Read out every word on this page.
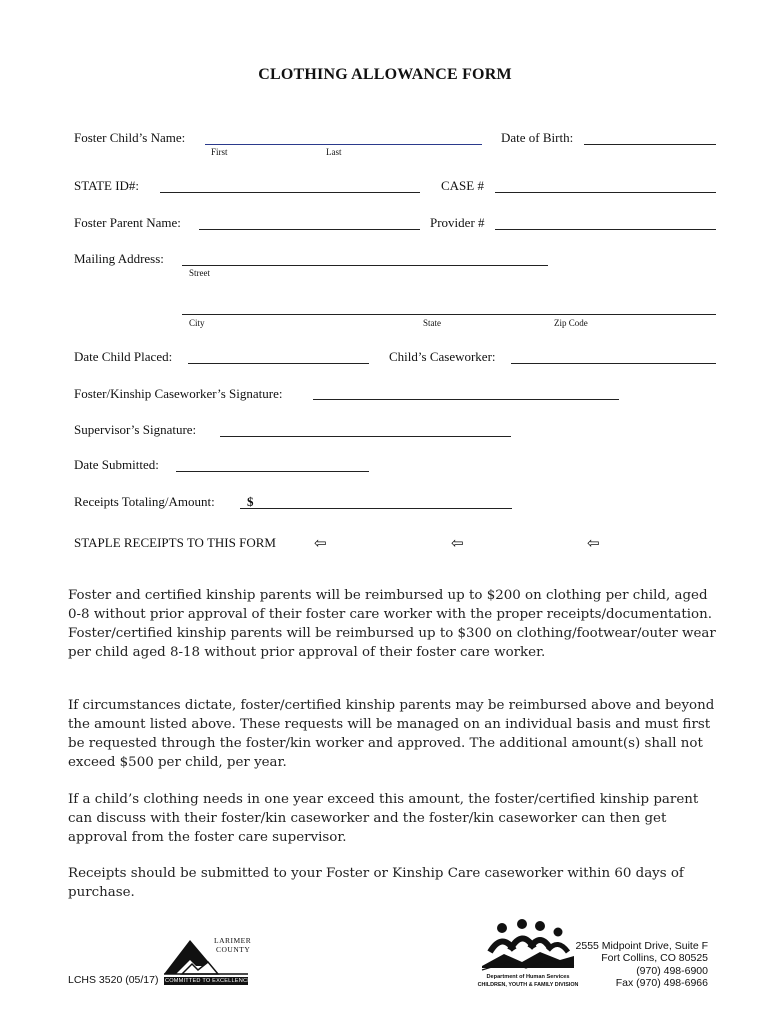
CLOTHING ALLOWANCE FORM
Foster Child’s Name:
First	Last
Date of Birth:
STATE ID#:	CASE #
Foster Parent Name:	Provider #
Mailing Address:
Street
City	State	Zip Code
Date Child Placed:	Child’s Caseworker:
Foster/Kinship Caseworker’s Signature:
Supervisor’s Signature:
Date Submitted:
Receipts Totaling/Amount: $
STAPLE RECEIPTS TO THIS FORM	⇦	⇦	⇦
Foster and certified kinship parents will be reimbursed up to $200 on clothing per child, aged 0-8 without prior approval of their foster care worker with the proper receipts/documentation. Foster/certified kinship parents will be reimbursed up to $300 on clothing/footwear/outer wear per child aged 8-18 without prior approval of their foster care worker.
If circumstances dictate, foster/certified kinship parents may be reimbursed above and beyond the amount listed above. These requests will be managed on an individual basis and must first be requested through the foster/kin worker and approved. The additional amount(s) shall not exceed $500 per child, per year.
If a child’s clothing needs in one year exceed this amount, the foster/certified kinship parent can discuss with their foster/kin caseworker and the foster/kin caseworker can then get approval from the foster care supervisor.
Receipts should be submitted to your Foster or Kinship Care caseworker within 60 days of purchase.
LCHS 3520 (05/17)
LARIMER
COUNTY
COMMITTED TO EXCELLENCE
Department of Human Services
CHILDREN, YOUTH & FAMILY DIVISION
2555 Midpoint Drive, Suite F
Fort Collins, CO 80525
(970) 498-6900
Fax (970) 498-6966
